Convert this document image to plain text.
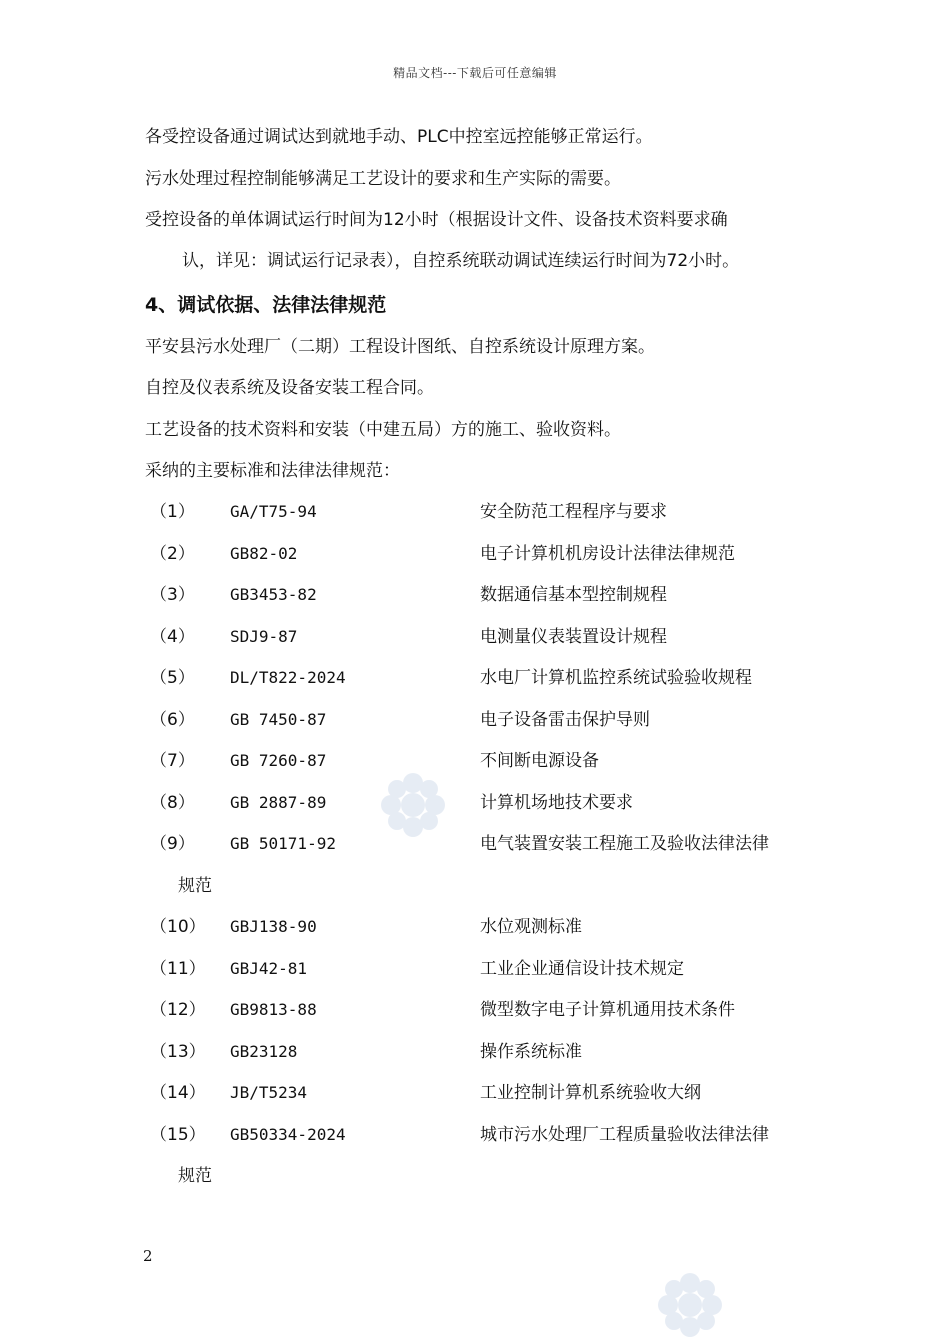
精品文档---下载后可任意编辑
各受控设备通过调试达到就地手动、PLC中控室远控能够正常运行。
污水处理过程控制能够满足工艺设计的要求和生产实际的需要。
受控设备的单体调试运行时间为12小时（根据设计文件、设备技术资料要求确
认，详见：调试运行记录表），自控系统联动调试连续运行时间为72小时。
4、调试依据、法律法律规范
平安县污水处理厂（二期）工程设计图纸、自控系统设计原理方案。
自控及仪表系统及设备安装工程合同。
工艺设备的技术资料和安装（中建五局）方的施工、验收资料。
采纳的主要标准和法律法律规范：
（1） GA/T75-94	安全防范工程程序与要求
（2） GB82-02	电子计算机机房设计法律法律规范
（3） GB3453-82	数据通信基本型控制规程
（4） SDJ9-87	电测量仪表装置设计规程
（5） DL/T822-2024	水电厂计算机监控系统试验验收规程
（6） GB 7450-87	电子设备雷击保护导则
（7） GB 7260-87	不间断电源设备
（8） GB 2887-89	计算机场地技术要求
（9） GB 50171-92	电气装置安装工程施工及验收法律法律
规范
（10） GBJ138-90	水位观测标准
（11） GBJ42-81	工业企业通信设计技术规定
（12） GB9813-88	微型数字电子计算机通用技术条件
（13） GB23128	操作系统标准
（14） JB/T5234	工业控制计算机系统验收大纲
（15） GB50334-2024	城市污水处理厂工程质量验收法律法律
规范
2
